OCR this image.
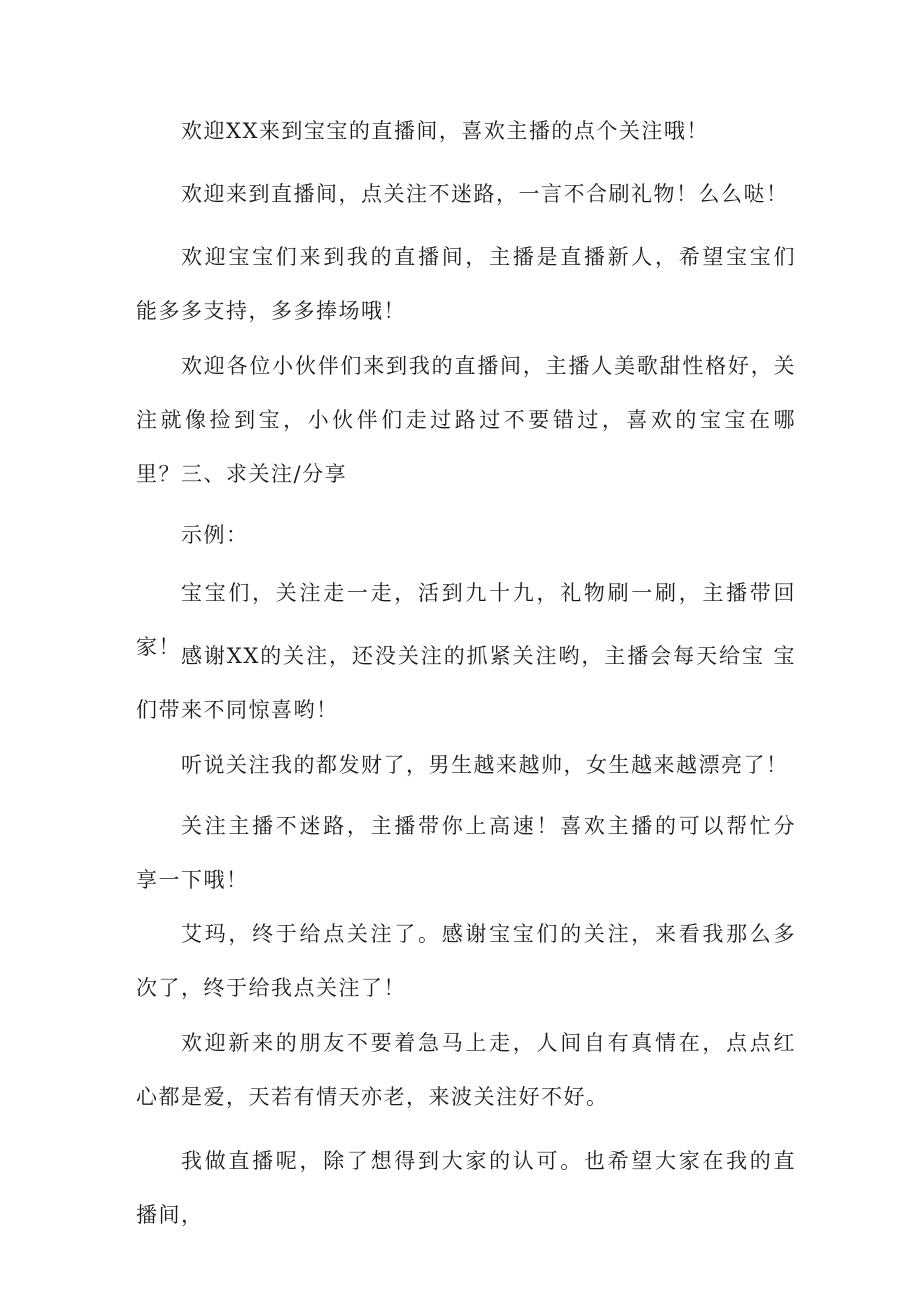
欢迎XX来到宝宝的直播间，喜欢主播的点个关注哦！

欢迎来到直播间，点关注不迷路，一言不合刷礼物！么么哒！

欢迎宝宝们来到我的直播间，主播是直播新人，希望宝宝们 能多多支持，多多捧场哦！

欢迎各位小伙伴们来到我的直播间，主播人美歌甜性格好，关注就像捡到宝，小伙伴们走过路过不要错过，喜欢的宝宝在哪 里？ 三、求关注/分享

示例：

宝宝们，关注走一走，活到九十九，礼物刷一刷，主播带回　家！ 感谢XX的关注，还没关注的抓紧关注哟，主播会每天给宝 宝们带来不同惊喜哟！

听说关注我的都发财了，男生越来越帅，女生越来越漂亮了！

关注主播不迷路，主播带你上高速！喜欢主播的可以帮忙分 享一下哦！

艾玛，终于给点关注了。感谢宝宝们的关注，来看我那么多 次了，终于给我点关注了！

欢迎新来的朋友不要着急马上走，人间自有真情在，点点红 心都是爱，天若有情天亦老，来波关注好不好。

我做直播呢，除了想得到大家的认可。也希望大家在我的直 播间，
